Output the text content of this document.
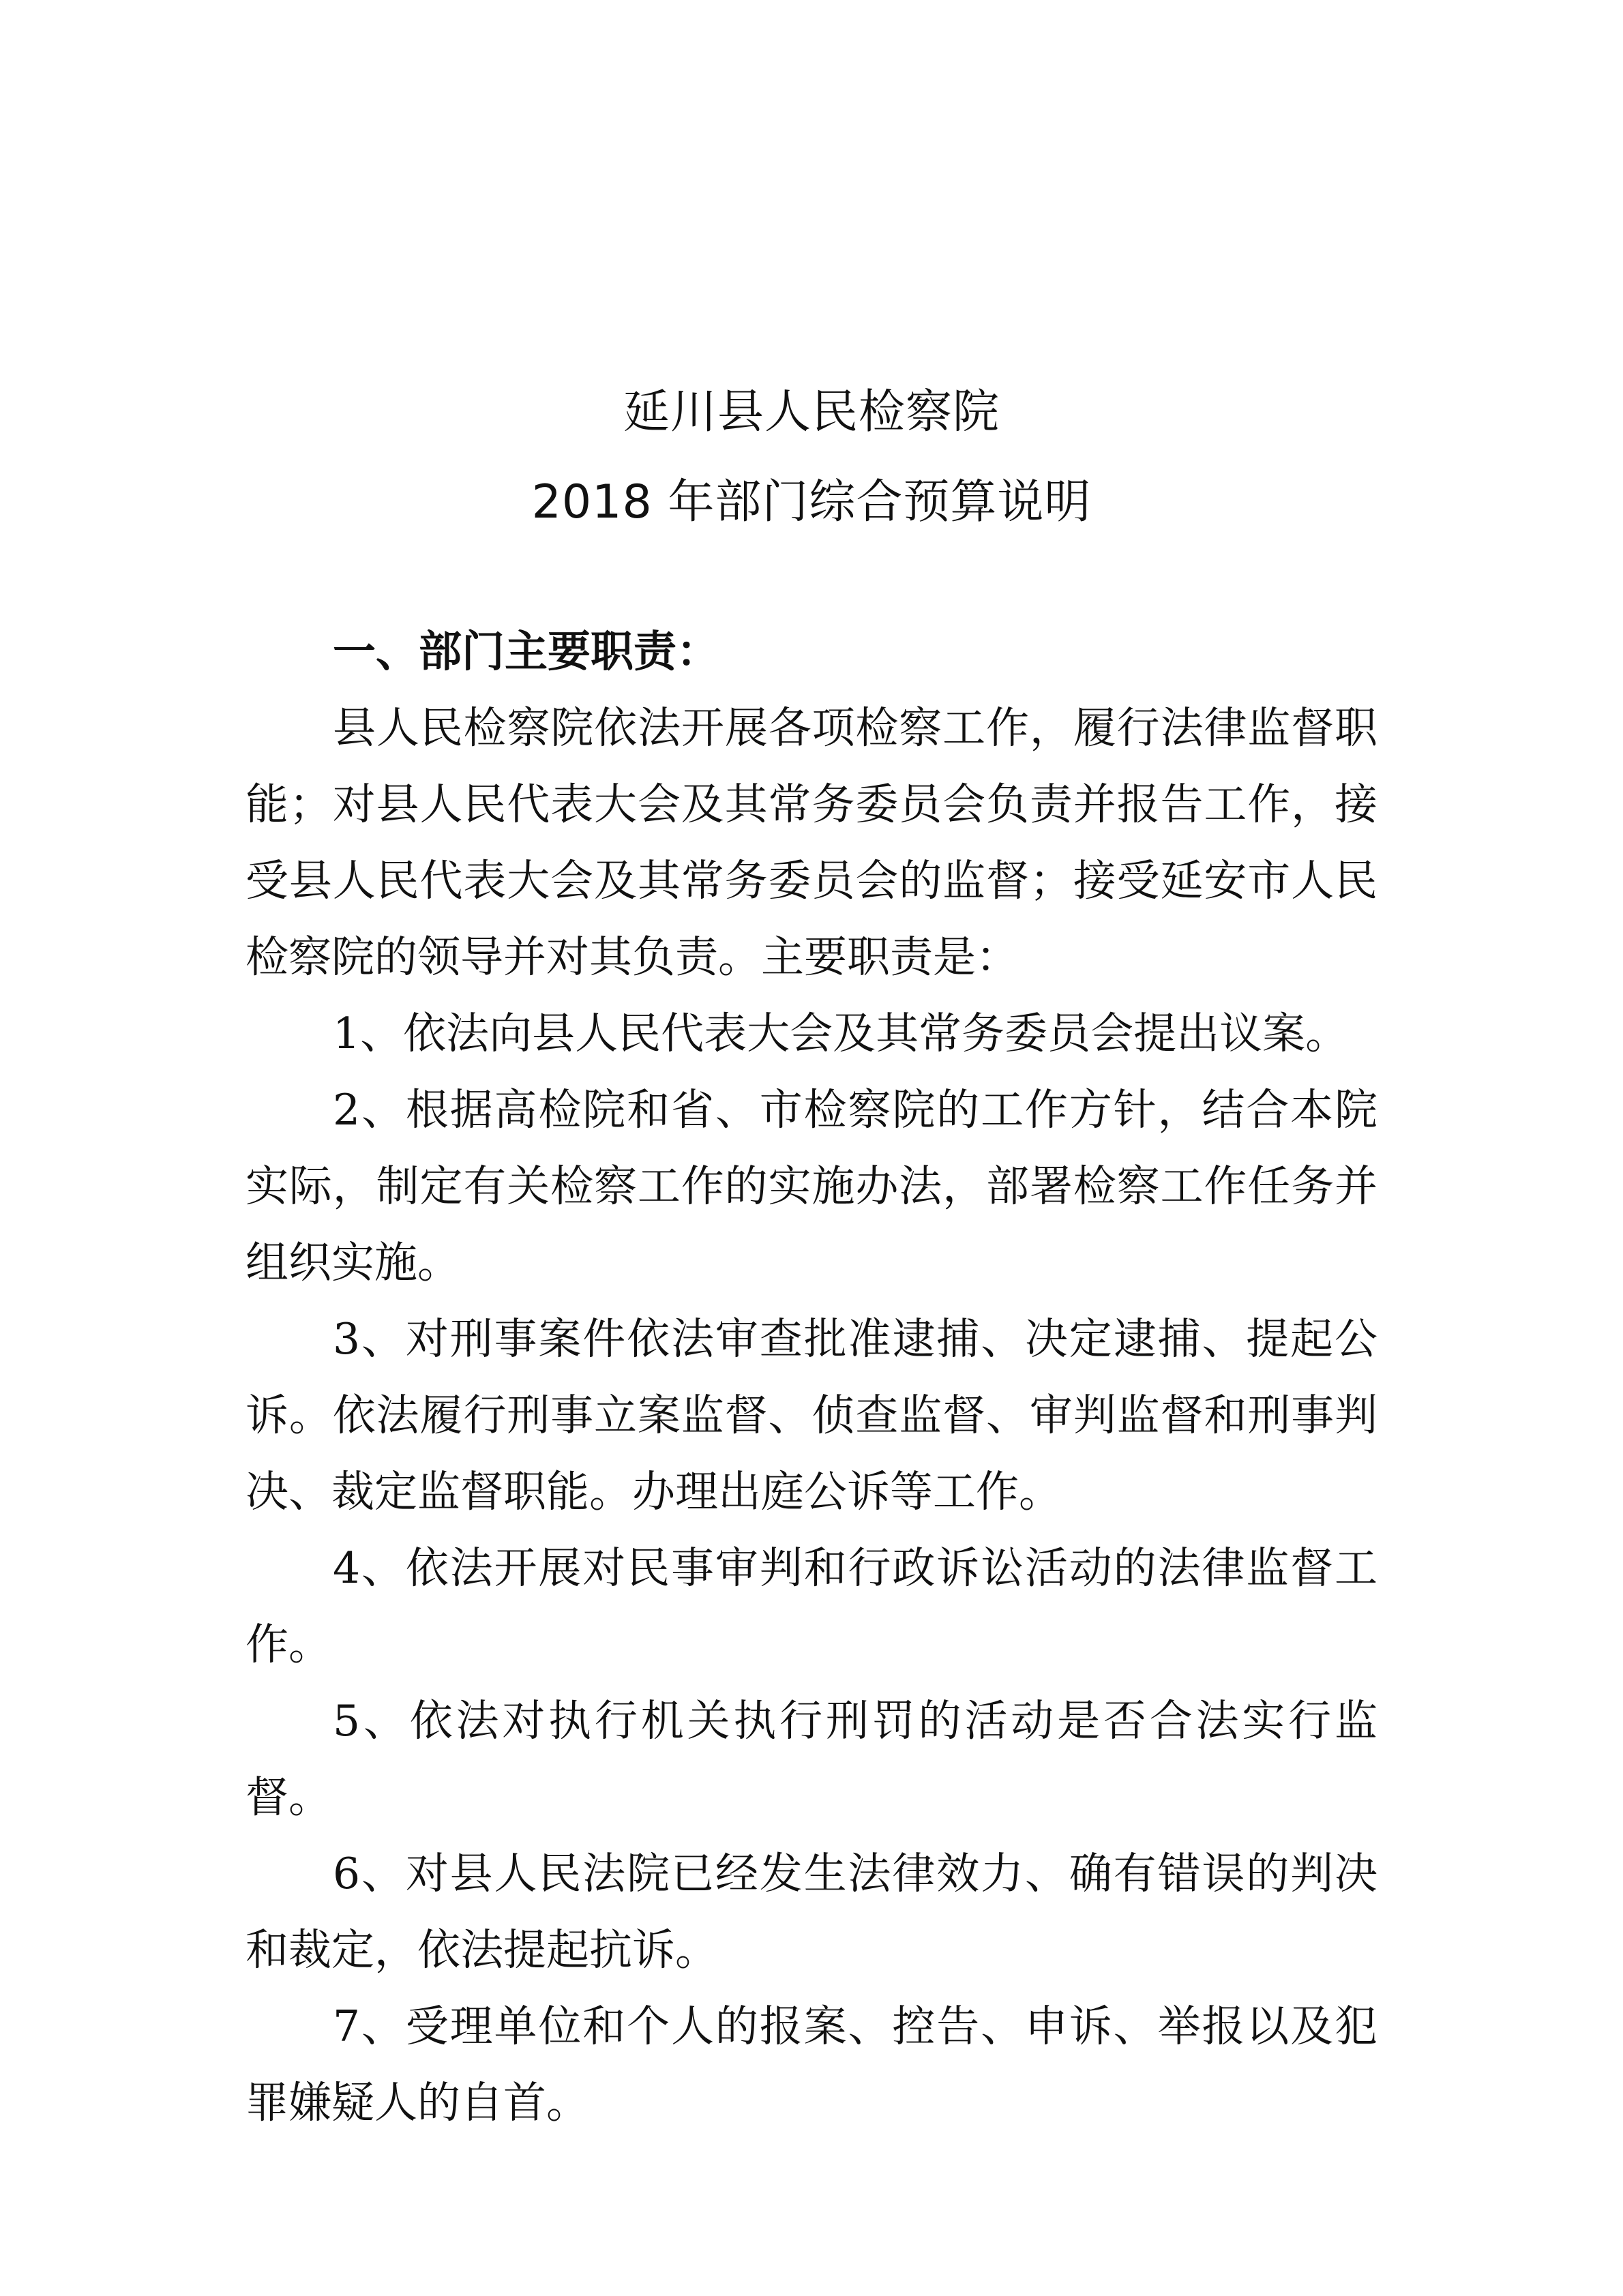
延川县人民检察院
2018 年部门综合预算说明

一、部门主要职责：

县人民检察院依法开展各项检察工作，履行法律监督职能；对县人民代表大会及其常务委员会负责并报告工作，接受县人民代表大会及其常务委员会的监督；接受延安市人民检察院的领导并对其负责。主要职责是：

1、依法向县人民代表大会及其常务委员会提出议案。

2、根据高检院和省、市检察院的工作方针，结合本院实际，制定有关检察工作的实施办法，部署检察工作任务并组织实施。

3、对刑事案件依法审查批准逮捕、决定逮捕、提起公诉。依法履行刑事立案监督、侦查监督、审判监督和刑事判决、裁定监督职能。办理出庭公诉等工作。

4、依法开展对民事审判和行政诉讼活动的法律监督工作。

5、依法对执行机关执行刑罚的活动是否合法实行监督。

6、对县人民法院已经发生法律效力、确有错误的判决和裁定，依法提起抗诉。

7、受理单位和个人的报案、控告、申诉、举报以及犯罪嫌疑人的自首。
